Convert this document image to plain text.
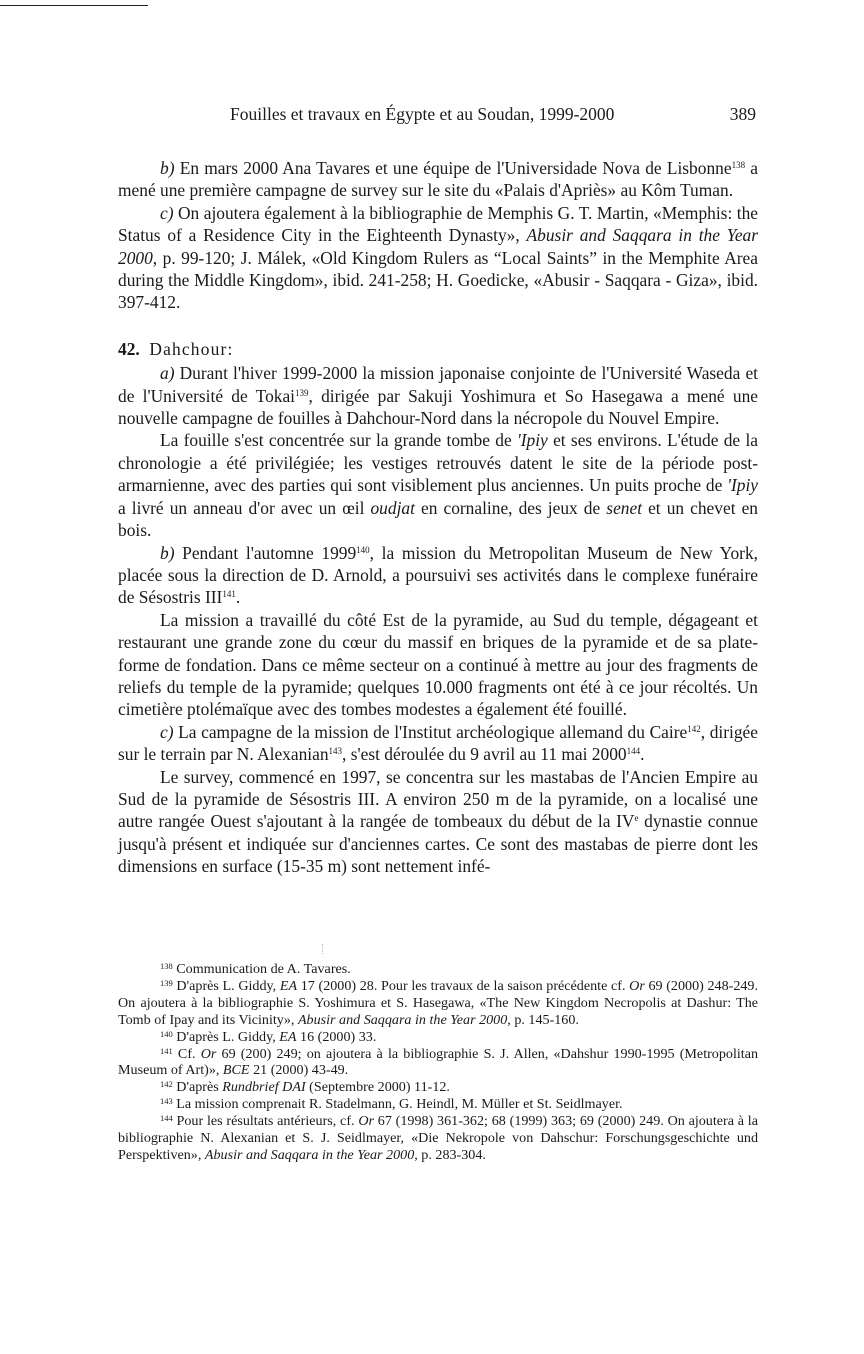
Fouilles et travaux en Égypte et au Soudan, 1999-2000	389

b) En mars 2000 Ana Tavares et une équipe de l'Universidade Nova de Lisbonne$^{138}$ a mené une première campagne de survey sur le site du «Palais d'Apriès» au Kôm Tuman.

c) On ajoutera également à la bibliographie de Memphis G. T. Martin, «Memphis: the Status of a Residence City in the Eighteenth Dynasty», Abusir and Saqqara in the Year 2000, p. 99-120; J. Málek, «Old Kingdom Rulers as “Local Saints” in the Memphite Area during the Middle Kingdom», ibid. 241-258; H. Goedicke, «Abusir - Saqqara - Giza», ibid. 397-412.

42. Dahchour:

a) Durant l'hiver 1999-2000 la mission japonaise conjointe de l'Université Waseda et de l'Université de Tokai$^{139}$, dirigée par Sakuji Yoshimura et So Hasegawa a mené une nouvelle campagne de fouilles à Dahchour-Nord dans la nécropole du Nouvel Empire.

La fouille s'est concentrée sur la grande tombe de 'Ipiy et ses environs. L'étude de la chronologie a été privilégiée; les vestiges retrouvés datent le site de la période post-armarnienne, avec des parties qui sont visiblement plus anciennes. Un puits proche de 'Ipiy a livré un anneau d'or avec un œil oudjat en cornaline, des jeux de senet et un chevet en bois.

b) Pendant l'automne 1999$^{140}$, la mission du Metropolitan Museum de New York, placée sous la direction de D. Arnold, a poursuivi ses activités dans le complexe funéraire de Sésostris III$^{141}$.

La mission a travaillé du côté Est de la pyramide, au Sud du temple, dégageant et restaurant une grande zone du cœur du massif en briques de la pyramide et de sa plate-forme de fondation. Dans ce même secteur on a continué à mettre au jour des fragments de reliefs du temple de la pyramide; quelques 10.000 fragments ont été à ce jour récoltés. Un cimetière ptolémaïque avec des tombes modestes a également été fouillé.

c) La campagne de la mission de l'Institut archéologique allemand du Caire$^{142}$, dirigée sur le terrain par N. Alexanian$^{143}$, s'est déroulée du 9 avril au 11 mai 2000$^{144}$.

Le survey, commencé en 1997, se concentra sur les mastabas de l'Ancien Empire au Sud de la pyramide de Sésostris III. A environ 250 m de la pyramide, on a localisé une autre rangée Ouest s'ajoutant à la rangée de tombeaux du début de la IVe dynastie connue jusqu'à présent et indiquée sur d'anciennes cartes. Ce sont des mastabas de pierre dont les dimensions en surface (15-35 m) sont nettement infé-

$^{138}$ Communication de A. Tavares.

$^{139}$ D'après L. Giddy, EA 17 (2000) 28. Pour les travaux de la saison précédente cf. Or 69 (2000) 248-249. On ajoutera à la bibliographie S. Yoshimura et S. Hasegawa, «The New Kingdom Necropolis at Dashur: The Tomb of Ipay and its Vicinity», Abusir and Saqqara in the Year 2000, p. 145-160.

$^{140}$ D'après L. Giddy, EA 16 (2000) 33.

$^{141}$ Cf. Or 69 (200) 249; on ajoutera à la bibliographie S. J. Allen, «Dahshur 1990-1995 (Metropolitan Museum of Art)», BCE 21 (2000) 43-49.

$^{142}$ D'après Rundbrief DAI (Septembre 2000) 11-12.

$^{143}$ La mission comprenait R. Stadelmann, G. Heindl, M. Müller et St. Seidlmayer.

$^{144}$ Pour les résultats antérieurs, cf. Or 67 (1998) 361-362; 68 (1999) 363; 69 (2000) 249. On ajoutera à la bibliographie N. Alexanian et S. J. Seidlmayer, «Die Nekropole von Dahschur: Forschungsgeschichte und Perspektiven», Abusir and Saqqara in the Year 2000, p. 283-304.
